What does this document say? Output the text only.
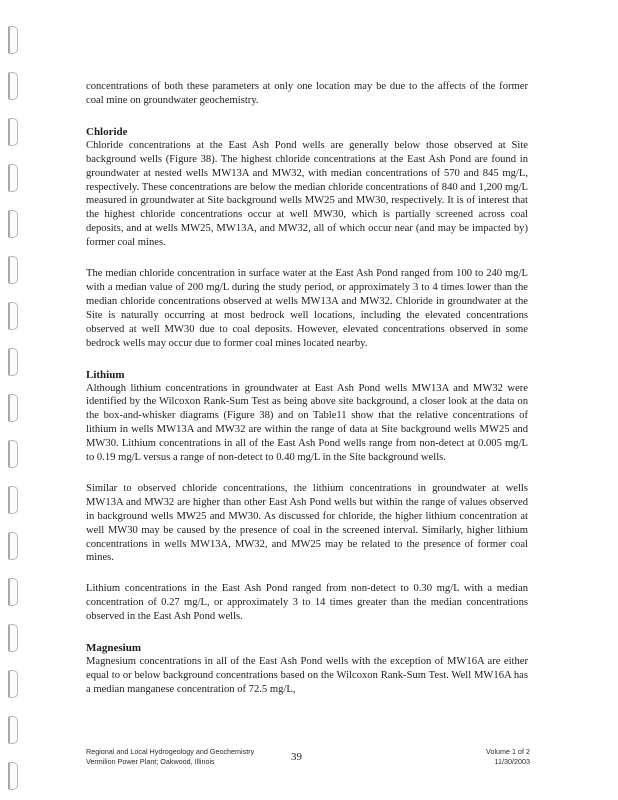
concentrations of both these parameters at only one location may be due to the affects of the former coal mine on groundwater geochemistry.

Chloride

Chloride concentrations at the East Ash Pond wells are generally below those observed at Site background wells (Figure 38). The highest chloride concentrations at the East Ash Pond are found in groundwater at nested wells MW13A and MW32, with median concentrations of 570 and 845 mg/L, respectively. These concentrations are below the median chloride concentrations of 840 and 1,200 mg/L measured in groundwater at Site background wells MW25 and MW30, respectively. It is of interest that the highest chloride concentrations occur at well MW30, which is partially screened across coal deposits, and at wells MW25, MW13A, and MW32, all of which occur near (and may be impacted by) former coal mines.

The median chloride concentration in surface water at the East Ash Pond ranged from 100 to 240 mg/L with a median value of 200 mg/L during the study period, or approximately 3 to 4 times lower than the median chloride concentrations observed at wells MW13A and MW32. Chloride in groundwater at the Site is naturally occurring at most bedrock well locations, including the elevated concentrations observed at well MW30 due to coal deposits. However, elevated concentrations observed in some bedrock wells may occur due to former coal mines located nearby.

Lithium

Although lithium concentrations in groundwater at East Ash Pond wells MW13A and MW32 were identified by the Wilcoxon Rank-Sum Test as being above site background, a closer look at the data on the box-and-whisker diagrams (Figure 38) and on Table11 show that the relative concentrations of lithium in wells MW13A and MW32 are within the range of data at Site background wells MW25 and MW30. Lithium concentrations in all of the East Ash Pond wells range from non-detect at 0.005 mg/L to 0.19 mg/L versus a range of non-detect to 0.40 mg/L in the Site background wells.

Similar to observed chloride concentrations, the lithium concentrations in groundwater at wells MW13A and MW32 are higher than other East Ash Pond wells but within the range of values observed in background wells MW25 and MW30. As discussed for chloride, the higher lithium concentration at well MW30 may be caused by the presence of coal in the screened interval. Similarly, higher lithium concentrations in wells MW13A, MW32, and MW25 may be related to the presence of former coal mines.

Lithium concentrations in the East Ash Pond ranged from non-detect to 0.30 mg/L with a median concentration of 0.27 mg/L, or approximately 3 to 14 times greater than the median concentrations observed in the East Ash Pond wells.

Magnesium

Magnesium concentrations in all of the East Ash Pond wells with the exception of MW16A are either equal to or below background concentrations based on the Wilcoxon Rank-Sum Test. Well MW16A has a median manganese concentration of 72.5 mg/L,

Regional and Local Hydrogeology and Geochemistry
Vermilion Power Plant; Oakwood, Illinois	39	Volume 1 of 2
11/30/2003
